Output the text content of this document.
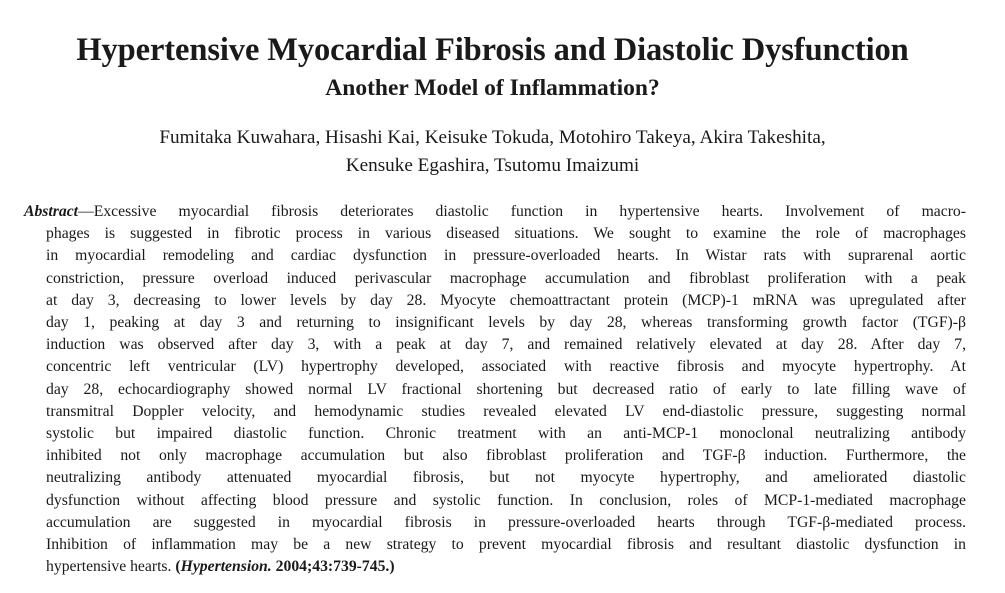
Hypertensive Myocardial Fibrosis and Diastolic Dysfunction
Another Model of Inflammation?
Fumitaka Kuwahara, Hisashi Kai, Keisuke Tokuda, Motohiro Takeya, Akira Takeshita,
Kensuke Egashira, Tsutomu Imaizumi
Abstract—Excessive myocardial fibrosis deteriorates diastolic function in hypertensive hearts. Involvement of macro-
phages is suggested in fibrotic process in various diseased situations. We sought to examine the role of macrophages
in myocardial remodeling and cardiac dysfunction in pressure-overloaded hearts. In Wistar rats with suprarenal aortic
constriction, pressure overload induced perivascular macrophage accumulation and fibroblast proliferation with a peak
at day 3, decreasing to lower levels by day 28. Myocyte chemoattractant protein (MCP)-1 mRNA was upregulated after
day 1, peaking at day 3 and returning to insignificant levels by day 28, whereas transforming growth factor (TGF)-β
induction was observed after day 3, with a peak at day 7, and remained relatively elevated at day 28. After day 7,
concentric left ventricular (LV) hypertrophy developed, associated with reactive fibrosis and myocyte hypertrophy. At
day 28, echocardiography showed normal LV fractional shortening but decreased ratio of early to late filling wave of
transmitral Doppler velocity, and hemodynamic studies revealed elevated LV end-diastolic pressure, suggesting normal
systolic but impaired diastolic function. Chronic treatment with an anti-MCP-1 monoclonal neutralizing antibody
inhibited not only macrophage accumulation but also fibroblast proliferation and TGF-β induction. Furthermore, the
neutralizing antibody attenuated myocardial fibrosis, but not myocyte hypertrophy, and ameliorated diastolic
dysfunction without affecting blood pressure and systolic function. In conclusion, roles of MCP-1-mediated macrophage
accumulation are suggested in myocardial fibrosis in pressure-overloaded hearts through TGF-β-mediated process.
Inhibition of inflammation may be a new strategy to prevent myocardial fibrosis and resultant diastolic dysfunction in
hypertensive hearts. (Hypertension. 2004;43:739-745.)
